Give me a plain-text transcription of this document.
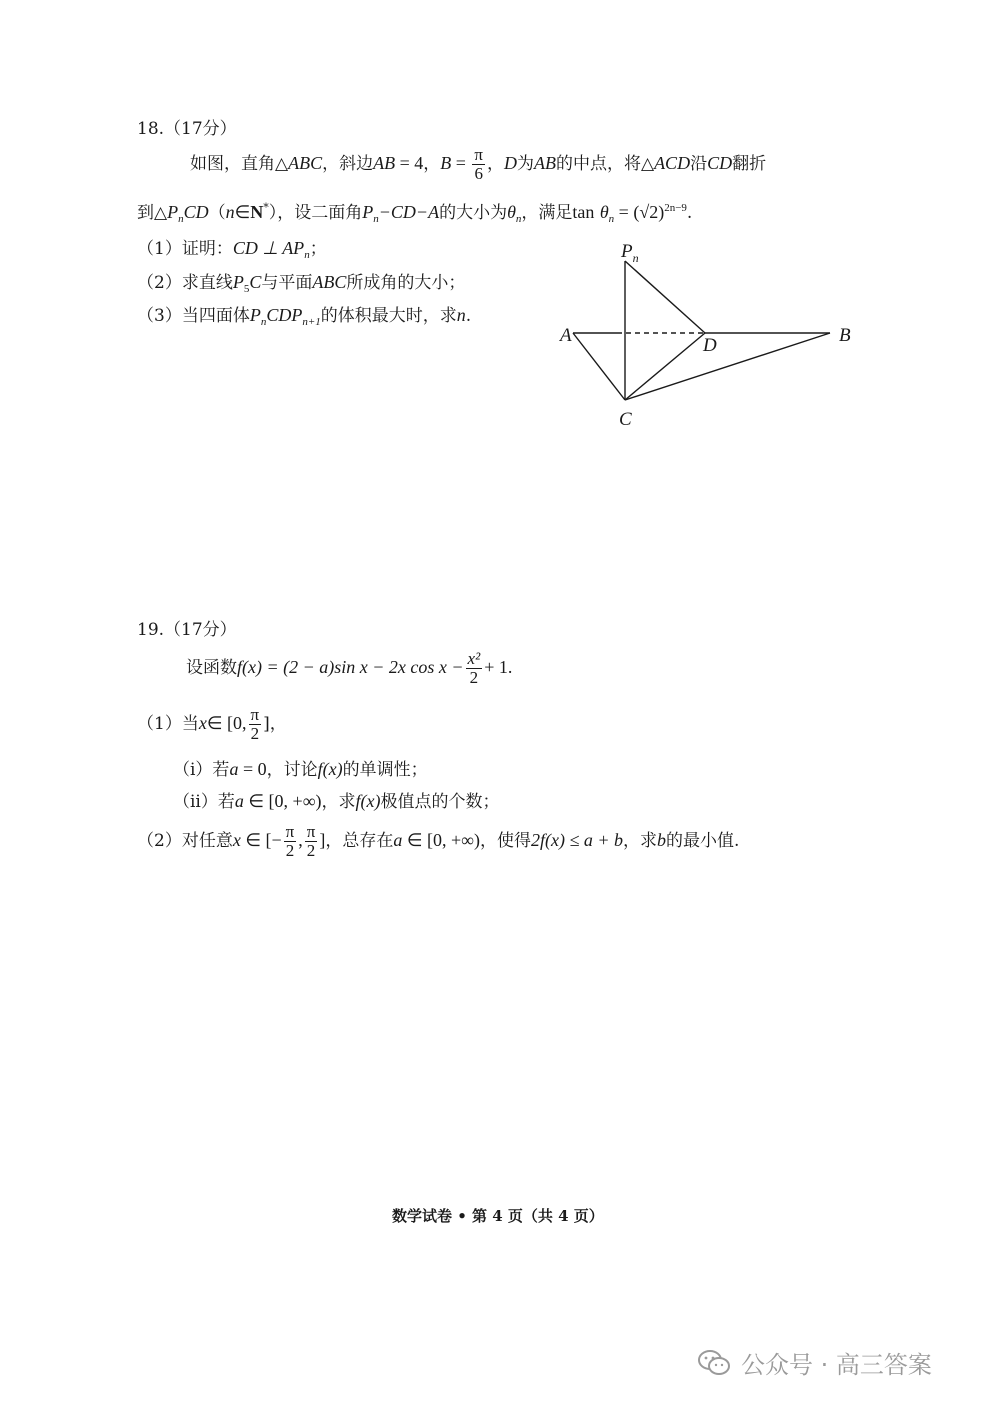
18.（17分）
如图，直角△ABC，斜边AB = 4，$B = \frac{\pi}{6}$ ，D为AB的中点，将△ACD沿CD翻折
到$\triangle P_nCD(n\in N^*)$，设二面角$P_n-CD-A$的大小为$\theta_n$，满足$\tan \theta_n = (√2)^{2n-9}$.
（1）证明：CD ⊥ $AP_n$；
（2）求直线$P_5C$与平面ABC所成角的大小；
（3）当四面体$P_nCDP_{n+1}$的体积最大时，求n.
$P_n$
A	D	B
C
19.（17分）
设函数f(x) = (2 − a)sin x − 2x $\cos x - \frac{\text{x²}}{2} + 1$.
（1）当x∈ [0, $\frac{\pi}{2}$ ]，
（i）若a = 0，讨论f(x)的单调性；
（ii）若a ∈ [0, +∞)，求f(x)极值点的个数；
（2）对任意x ∈ [− $\frac{\pi}{2}$ , $\frac{\pi}{2}$ ]，总存在a ∈ [0, +∞)，使得2f(x) ≤ a + b，求b的最小值.
数学试卷 • 第 4 页（共 4 页）
公众号 · 高三答案
